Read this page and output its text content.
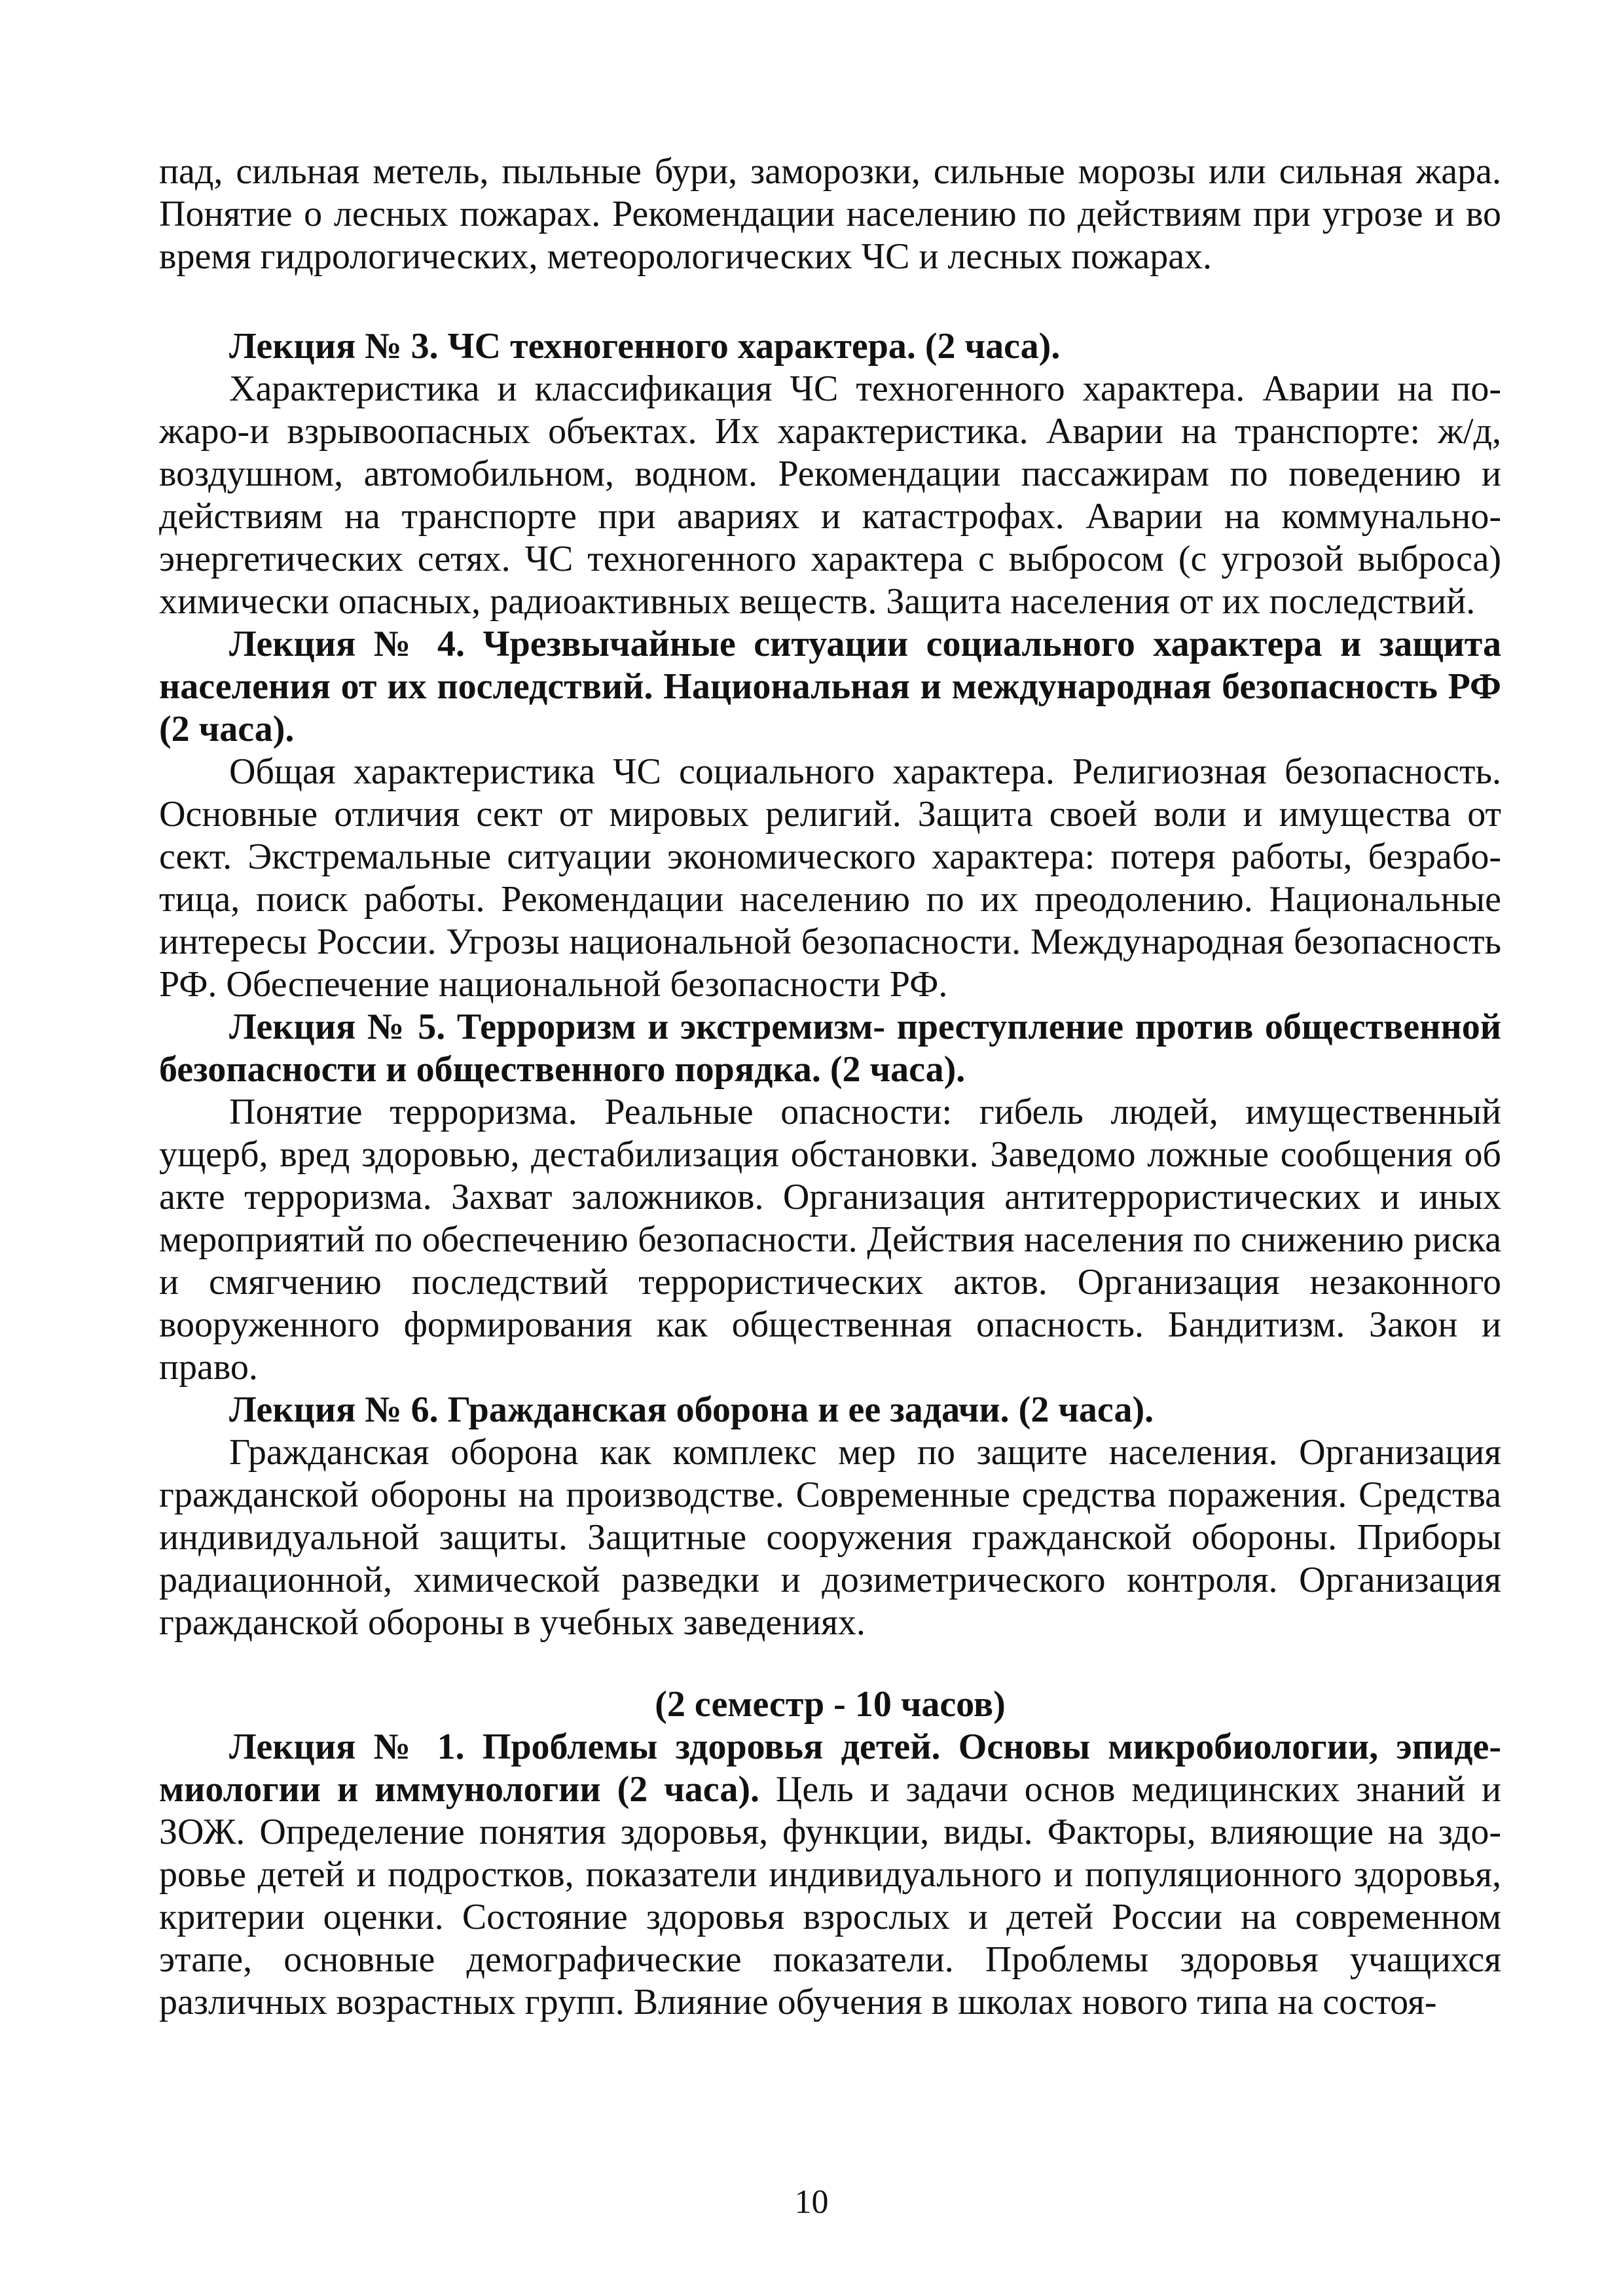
пад, сильная метель, пыльные бури, заморозки, сильные морозы или сильная жара. Понятие о лесных пожарах. Рекомендации населению по действиям при угрозе и во время гидрологических, метеорологических ЧС и лесных пожарах.

Лекция № 3. ЧС техногенного характера. (2 часа).

Характеристика и классификация ЧС техногенного характера. Аварии на пожаро-и взрывоопасных объектах. Их характеристика. Аварии на транспорте: ж/д, воздушном, автомобильном, водном. Рекомендации пассажирам по поведению и действиям на транспорте при авариях и катастрофах. Аварии на коммунально-энергетических сетях. ЧС техногенного характера с выбросом (с угрозой выброса) химически опасных, радиоактивных веществ. Защита населения от их последствий.

Лекция № 4. Чрезвычайные ситуации социального характера и защита населения от их последствий. Национальная и международная безопасность РФ (2 часа).

Общая характеристика ЧС социального характера. Религиозная безопасность. Основные отличия сект от мировых религий. Защита своей воли и имущества от сект. Экстремальные ситуации экономического характера: потеря работы, безработица, поиск работы. Рекомендации населению по их преодолению. Национальные интересы России. Угрозы национальной безопасности. Международная безопасность РФ. Обеспечение национальной безопасности РФ.

Лекция № 5. Терроризм и экстремизм- преступление против общественной безопасности и общественного порядка. (2 часа).

Понятие терроризма. Реальные опасности: гибель людей, имущественный ущерб, вред здоровью, дестабилизация обстановки. Заведомо ложные сообщения об акте терроризма. Захват заложников. Организация антитеррористических и иных мероприятий по обеспечению безопасности. Действия населения по снижению риска и смягчению последствий террористических актов. Организация незаконного вооруженного формирования как общественная опасность. Бандитизм. Закон и право.

Лекция № 6. Гражданская оборона и ее задачи. (2 часа).

Гражданская оборона как комплекс мер по защите населения. Организация гражданской обороны на производстве. Современные средства поражения. Средства индивидуальной защиты. Защитные сооружения гражданской обороны. Приборы радиационной, химической разведки и дозиметрического контроля. Организация гражданской обороны в учебных заведениях.

(2 семестр - 10 часов)

Лекция № 1. Проблемы здоровья детей. Основы микробиологии, эпидемиологии и иммунологии (2 часа). Цель и задачи основ медицинских знаний и ЗОЖ. Определение понятия здоровья, функции, виды. Факторы, влияющие на здоровье детей и подростков, показатели индивидуального и популяционного здоровья, критерии оценки. Состояние здоровья взрослых и детей России на современном этапе, основные демографические показатели. Проблемы здоровья учащихся различных возрастных групп. Влияние обучения в школах нового типа на состоя-

10
